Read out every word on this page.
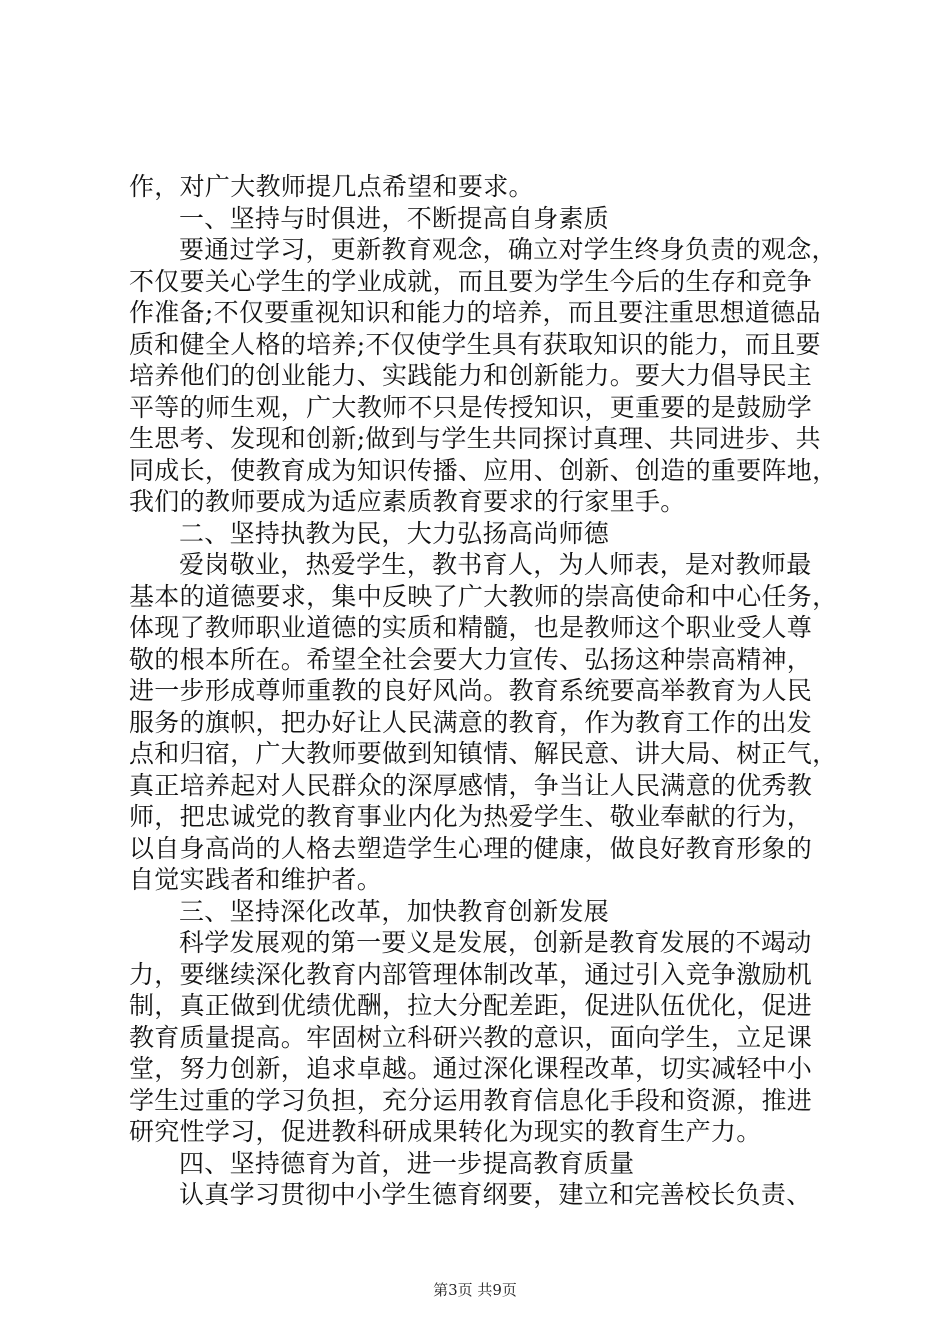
作，对广大教师提几点希望和要求。
一、坚持与时俱进，不断提高自身素质
要通过学习，更新教育观念，确立对学生终身负责的观念，
不仅要关心学生的学业成就，而且要为学生今后的生存和竞争
作准备;不仅要重视知识和能力的培养，而且要注重思想道德品
质和健全人格的培养;不仅使学生具有获取知识的能力，而且要
培养他们的创业能力、实践能力和创新能力。要大力倡导民主
平等的师生观，广大教师不只是传授知识，更重要的是鼓励学
生思考、发现和创新;做到与学生共同探讨真理、共同进步、共
同成长，使教育成为知识传播、应用、创新、创造的重要阵地，
我们的教师要成为适应素质教育要求的行家里手。
二、坚持执教为民，大力弘扬高尚师德
爱岗敬业，热爱学生，教书育人，为人师表，是对教师最
基本的道德要求，集中反映了广大教师的崇高使命和中心任务，
体现了教师职业道德的实质和精髓，也是教师这个职业受人尊
敬的根本所在。希望全社会要大力宣传、弘扬这种崇高精神，
进一步形成尊师重教的良好风尚。教育系统要高举教育为人民
服务的旗帜，把办好让人民满意的教育，作为教育工作的出发
点和归宿，广大教师要做到知镇情、解民意、讲大局、树正气，
真正培养起对人民群众的深厚感情，争当让人民满意的优秀教
师，把忠诚党的教育事业内化为热爱学生、敬业奉献的行为，
以自身高尚的人格去塑造学生心理的健康，做良好教育形象的
自觉实践者和维护者。
三、坚持深化改革，加快教育创新发展
科学发展观的第一要义是发展，创新是教育发展的不竭动
力，要继续深化教育内部管理体制改革，通过引入竞争激励机
制，真正做到优绩优酬，拉大分配差距，促进队伍优化，促进
教育质量提高。牢固树立科研兴教的意识，面向学生，立足课
堂，努力创新，追求卓越。通过深化课程改革，切实减轻中小
学生过重的学习负担，充分运用教育信息化手段和资源，推进
研究性学习，促进教科研成果转化为现实的教育生产力。
四、坚持德育为首，进一步提高教育质量
认真学习贯彻中小学生德育纲要，建立和完善校长负责、
第3页 共9页
